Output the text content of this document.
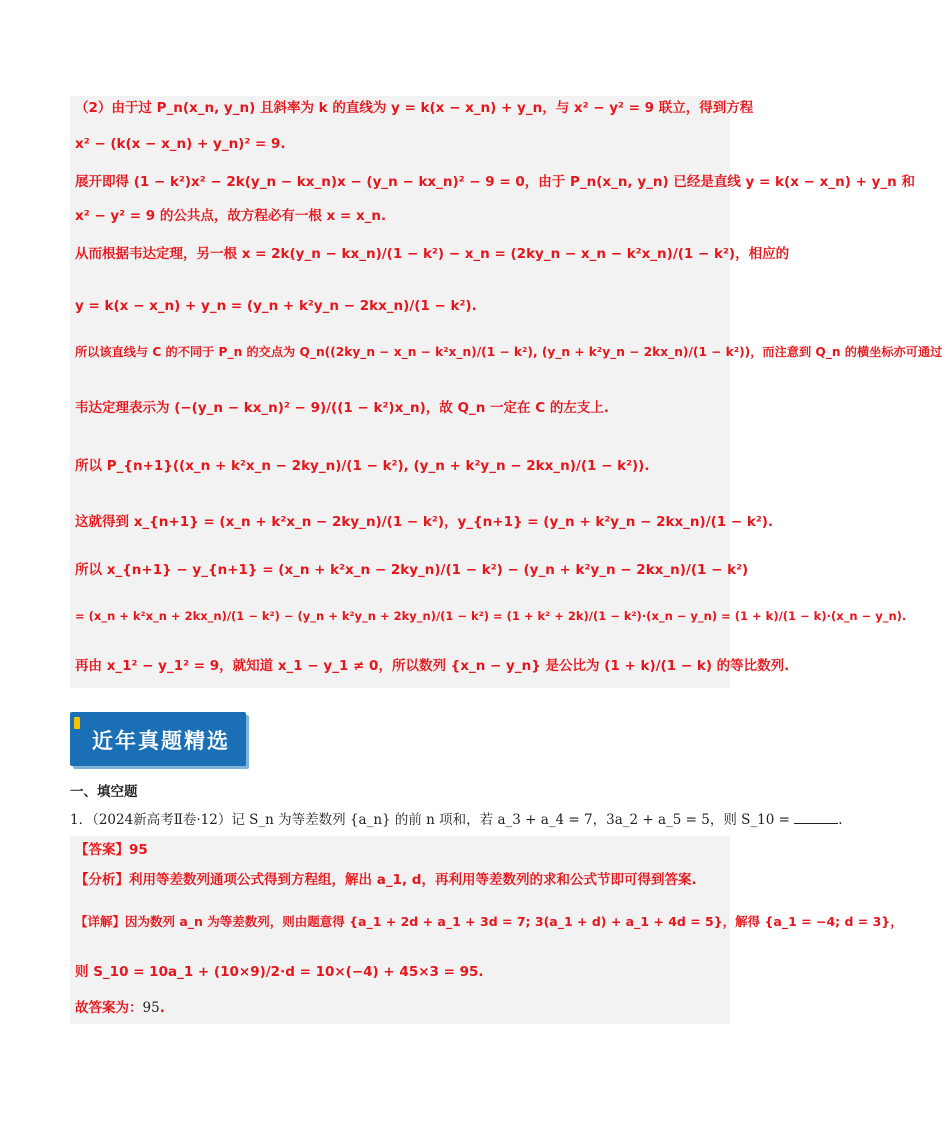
（2）由于过 P_n(x_n, y_n) 且斜率为 k 的直线为 y = k(x − x_n) + y_n，与 x² − y² = 9 联立，得到方程
x² − (k(x − x_n) + y_n)² = 9.
展开即得 (1 − k²)x² − 2k(y_n − kx_n)x − (y_n − kx_n)² − 9 = 0，由于 P_n(x_n, y_n) 已经是直线 y = k(x − x_n) + y_n 和
x² − y² = 9 的公共点，故方程必有一根 x = x_n.
从而根据韦达定理，另一根 x = 2k(y_n − kx_n)/(1 − k²) − x_n = (2ky_n − x_n − k²x_n)/(1 − k²)，相应的
y = k(x − x_n) + y_n = (y_n + k²y_n − 2kx_n)/(1 − k²).
所以该直线与 C 的不同于 P_n 的交点为 Q_n((2ky_n − x_n − k²x_n)/(1 − k²), (y_n + k²y_n − 2kx_n)/(1 − k²))，而注意到 Q_n 的横坐标亦可通过
韦达定理表示为 (−(y_n − kx_n)² − 9)/((1 − k²)x_n)，故 Q_n 一定在 C 的左支上.
所以 P_{n+1}((x_n + k²x_n − 2ky_n)/(1 − k²), (y_n + k²y_n − 2kx_n)/(1 − k²)).
这就得到 x_{n+1} = (x_n + k²x_n − 2ky_n)/(1 − k²)，y_{n+1} = (y_n + k²y_n − 2kx_n)/(1 − k²).
所以 x_{n+1} − y_{n+1} = (x_n + k²x_n − 2ky_n)/(1 − k²) − (y_n + k²y_n − 2kx_n)/(1 − k²)
= (x_n + k²x_n + 2kx_n)/(1 − k²) − (y_n + k²y_n + 2ky_n)/(1 − k²) = (1 + k² + 2k)/(1 − k²)·(x_n − y_n) = (1 + k)/(1 − k)·(x_n − y_n).
再由 x_1² − y_1² = 9，就知道 x_1 − y_1 ≠ 0，所以数列 {x_n − y_n} 是公比为 (1 + k)/(1 − k) 的等比数列.
近年真题精选
一、填空题
1．（2024新高考Ⅱ卷·12）记 S_n 为等差数列 {a_n} 的前 n 项和，若 a_3 + a_4 = 7，3a_2 + a_5 = 5，则 S_10 =	.
【答案】95
【分析】利用等差数列通项公式得到方程组，解出 a_1, d，再利用等差数列的求和公式节即可得到答案.
【详解】因为数列 a_n 为等差数列，则由题意得 {a_1 + 2d + a_1 + 3d = 7; 3(a_1 + d) + a_1 + 4d = 5}，解得 {a_1 = −4; d = 3}，
则 S_10 = 10a_1 + (10×9)/2·d = 10×(−4) + 45×3 = 95.
故答案为：95.
